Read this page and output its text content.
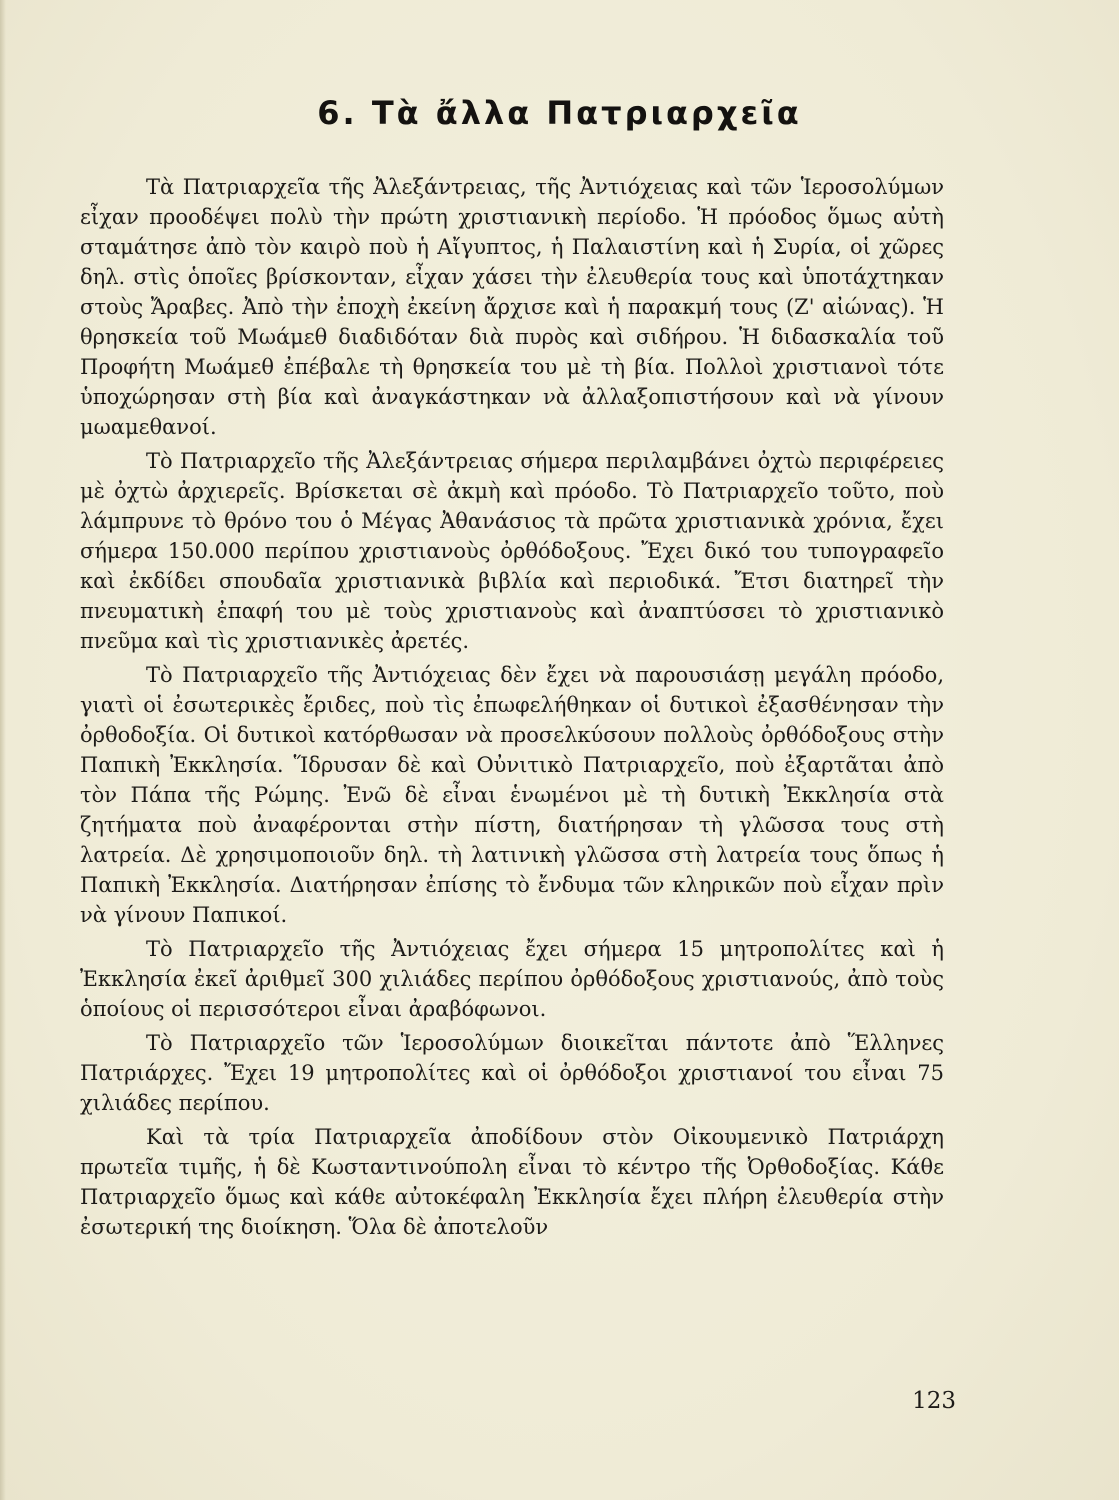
6. Τὰ ἄλλα Πατριαρχεῖα

Τὰ Πατριαρχεῖα τῆς Ἀλεξάντρειας, τῆς Ἀντιόχειας καὶ τῶν Ἱεροσολύμων εἶχαν προοδέψει πολὺ τὴν πρώτη χριστιανικὴ περίοδο. Ἡ πρόοδος ὅμως αὐτὴ σταμάτησε ἀπὸ τὸν καιρὸ ποὺ ἡ Αἴγυπτος, ἡ Παλαιστίνη καὶ ἡ Συρία, οἱ χῶρες δηλ. στὶς ὁποῖες βρίσκονταν, εἶχαν χάσει τὴν ἐλευθερία τους καὶ ὑποτάχτηκαν στοὺς Ἄραβες. Ἀπὸ τὴν ἐποχὴ ἐκείνη ἄρχισε καὶ ἡ παρακμή τους (Ζ' αἰώνας). Ἡ θρησκεία τοῦ Μωάμεθ διαδιδόταν διὰ πυρὸς καὶ σιδήρου. Ἡ διδασκαλία τοῦ Προφήτη Μωάμεθ ἐπέβαλε τὴ θρησκεία του μὲ τὴ βία. Πολλοὶ χριστιανοὶ τότε ὑποχώρησαν στὴ βία καὶ ἀναγκάστηκαν νὰ ἀλλαξοπιστήσουν καὶ νὰ γίνουν μωαμεθανοί.

Τὸ Πατριαρχεῖο τῆς Ἀλεξάντρειας σήμερα περιλαμβάνει ὀχτὼ περιφέρειες μὲ ὀχτὼ ἀρχιερεῖς. Βρίσκεται σὲ ἀκμὴ καὶ πρόοδο. Τὸ Πατριαρχεῖο τοῦτο, ποὺ λάμπρυνε τὸ θρόνο του ὁ Μέγας Ἀθανάσιος τὰ πρῶτα χριστιανικὰ χρόνια, ἔχει σήμερα 150.000 περίπου χριστιανοὺς ὀρθόδοξους. Ἔχει δικό του τυπογραφεῖο καὶ ἐκδίδει σπουδαῖα χριστιανικὰ βιβλία καὶ περιοδικά. Ἔτσι διατηρεῖ τὴν πνευματικὴ ἐπαφή του μὲ τοὺς χριστιανοὺς καὶ ἀναπτύσσει τὸ χριστιανικὸ πνεῦμα καὶ τὶς χριστιανικὲς ἀρετές.

Τὸ Πατριαρχεῖο τῆς Ἀντιόχειας δὲν ἔχει νὰ παρουσιάσῃ μεγάλη πρόοδο, γιατὶ οἱ ἐσωτερικὲς ἔριδες, ποὺ τὶς ἐπωφελήθηκαν οἱ δυτικοὶ ἐξασθένησαν τὴν ὀρθοδοξία. Οἱ δυτικοὶ κατόρθωσαν νὰ προσελκύσουν πολλοὺς ὀρθόδοξους στὴν Παπικὴ Ἐκκλησία. Ἵδρυσαν δὲ καὶ Οὐνιτικὸ Πατριαρχεῖο, ποὺ ἐξαρτᾶται ἀπὸ τὸν Πάπα τῆς Ρώμης. Ἐνῶ δὲ εἶναι ἑνωμένοι μὲ τὴ δυτικὴ Ἐκκλησία στὰ ζητήματα ποὺ ἀναφέρονται στὴν πίστη, διατήρησαν τὴ γλῶσσα τους στὴ λατρεία. Δὲ χρησιμοποιοῦν δηλ. τὴ λατινικὴ γλῶσσα στὴ λατρεία τους ὅπως ἡ Παπικὴ Ἐκκλησία. Διατήρησαν ἐπίσης τὸ ἔνδυμα τῶν κληρικῶν ποὺ εἶχαν πρὶν νὰ γίνουν Παπικοί.

Τὸ Πατριαρχεῖο τῆς Ἀντιόχειας ἔχει σήμερα 15 μητροπολίτες καὶ ἡ Ἐκκλησία ἐκεῖ ἀριθμεῖ 300 χιλιάδες περίπου ὀρθόδοξους χριστιανούς, ἀπὸ τοὺς ὁποίους οἱ περισσότεροι εἶναι ἀραβόφωνοι.

Τὸ Πατριαρχεῖο τῶν Ἱεροσολύμων διοικεῖται πάντοτε ἀπὸ Ἕλληνες Πατριάρχες. Ἔχει 19 μητροπολίτες καὶ οἱ ὀρθόδοξοι χριστιανοί του εἶναι 75 χιλιάδες περίπου.

Καὶ τὰ τρία Πατριαρχεῖα ἀποδίδουν στὸν Οἰκουμενικὸ Πατριάρχη πρωτεῖα τιμῆς, ἡ δὲ Κωσταντινούπολη εἶναι τὸ κέντρο τῆς Ὀρθοδοξίας. Κάθε Πατριαρχεῖο ὅμως καὶ κάθε αὐτοκέφαλη Ἐκκλησία ἔχει πλήρη ἐλευθερία στὴν ἐσωτερική της διοίκηση. Ὅλα δὲ ἀποτελοῦν

123
